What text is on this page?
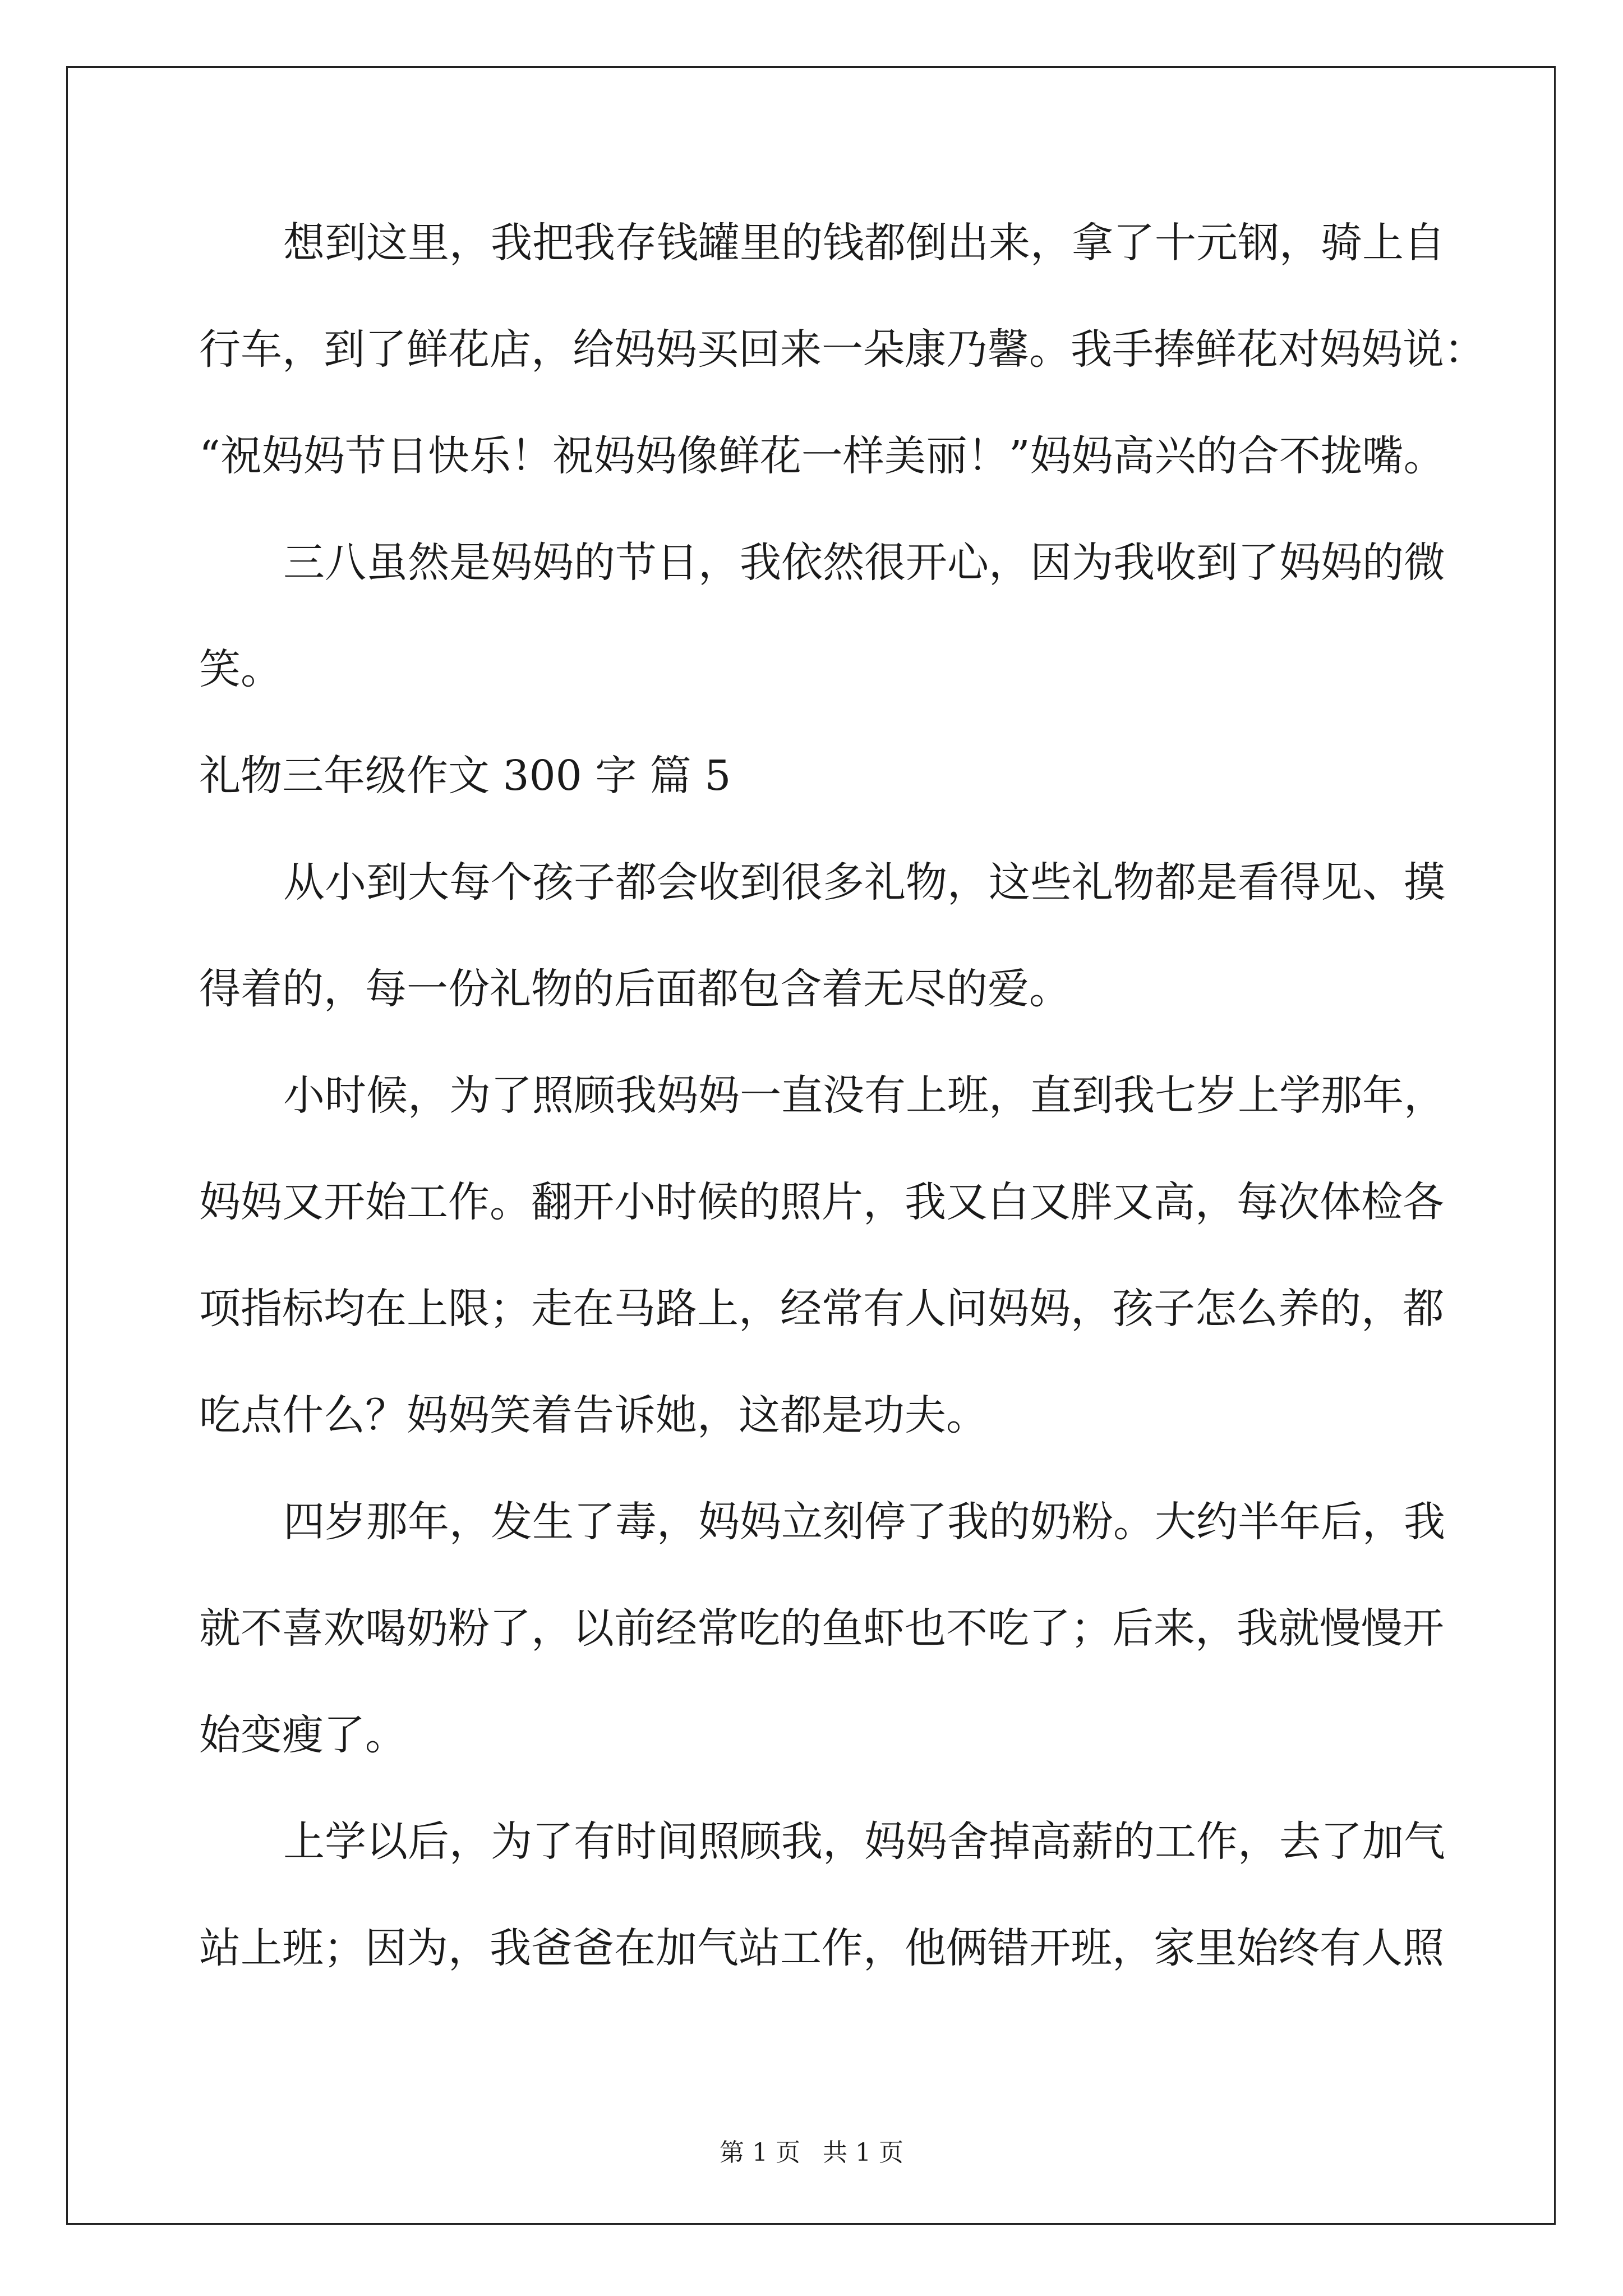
想到这里，我把我存钱罐里的钱都倒出来，拿了十元钢，骑上自
行车，到了鲜花店，给妈妈买回来一朵康乃馨。我手捧鲜花对妈妈说：
“祝妈妈节日快乐！祝妈妈像鲜花一样美丽！”妈妈高兴的合不拢嘴。
三八虽然是妈妈的节日，我依然很开心，因为我收到了妈妈的微
笑。
礼物三年级作文 300 字 篇 5
从小到大每个孩子都会收到很多礼物，这些礼物都是看得见、摸
得着的，每一份礼物的后面都包含着无尽的爱。
小时候，为了照顾我妈妈一直没有上班，直到我七岁上学那年，
妈妈又开始工作。翻开小时候的照片，我又白又胖又高，每次体检各
项指标均在上限；走在马路上，经常有人问妈妈，孩子怎么养的，都
吃点什么？妈妈笑着告诉她，这都是功夫。
四岁那年，发生了毒，妈妈立刻停了我的奶粉。大约半年后，我
就不喜欢喝奶粉了，以前经常吃的鱼虾也不吃了；后来，我就慢慢开
始变瘦了。
上学以后，为了有时间照顾我，妈妈舍掉高薪的工作，去了加气
站上班；因为，我爸爸在加气站工作，他俩错开班，家里始终有人照
第 1 页 共 1 页
